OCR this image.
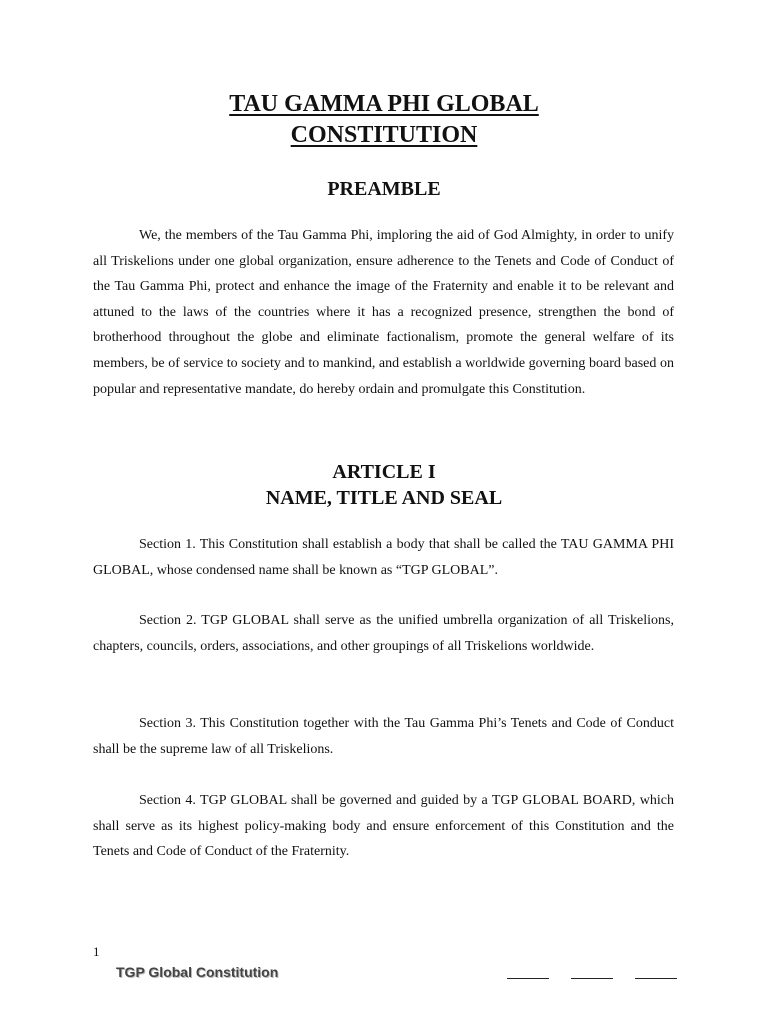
TAU GAMMA PHI GLOBAL
CONSTITUTION
PREAMBLE

We, the members of the Tau Gamma Phi, imploring the aid of God Almighty, in order to unify all Triskelions under one global organization, ensure adherence to the Tenets and Code of Conduct of the Tau Gamma Phi, protect and enhance the image of the Fraternity and enable it to be relevant and attuned to the laws of the countries where it has a recognized presence, strengthen the bond of brotherhood throughout the globe and eliminate factionalism, promote the general welfare of its members, be of service to society and to mankind, and establish a worldwide governing board based on popular and representative mandate, do hereby ordain and promulgate this Constitution.

ARTICLE I
NAME, TITLE AND SEAL

Section 1. This Constitution shall establish a body that shall be called the TAU GAMMA PHI GLOBAL, whose condensed name shall be known as “TGP GLOBAL”.

Section 2. TGP GLOBAL shall serve as the unified umbrella organization of all Triskelions, chapters, councils, orders, associations, and other groupings of all Triskelions worldwide.

Section 3. This Constitution together with the Tau Gamma Phi’s Tenets and Code of Conduct shall be the supreme law of all Triskelions.

Section 4. TGP GLOBAL shall be governed and guided by a TGP GLOBAL BOARD, which shall serve as its highest policy-making body and ensure enforcement of this Constitution and the Tenets and Code of Conduct of the Fraternity.

1
TGP Global Constitution
